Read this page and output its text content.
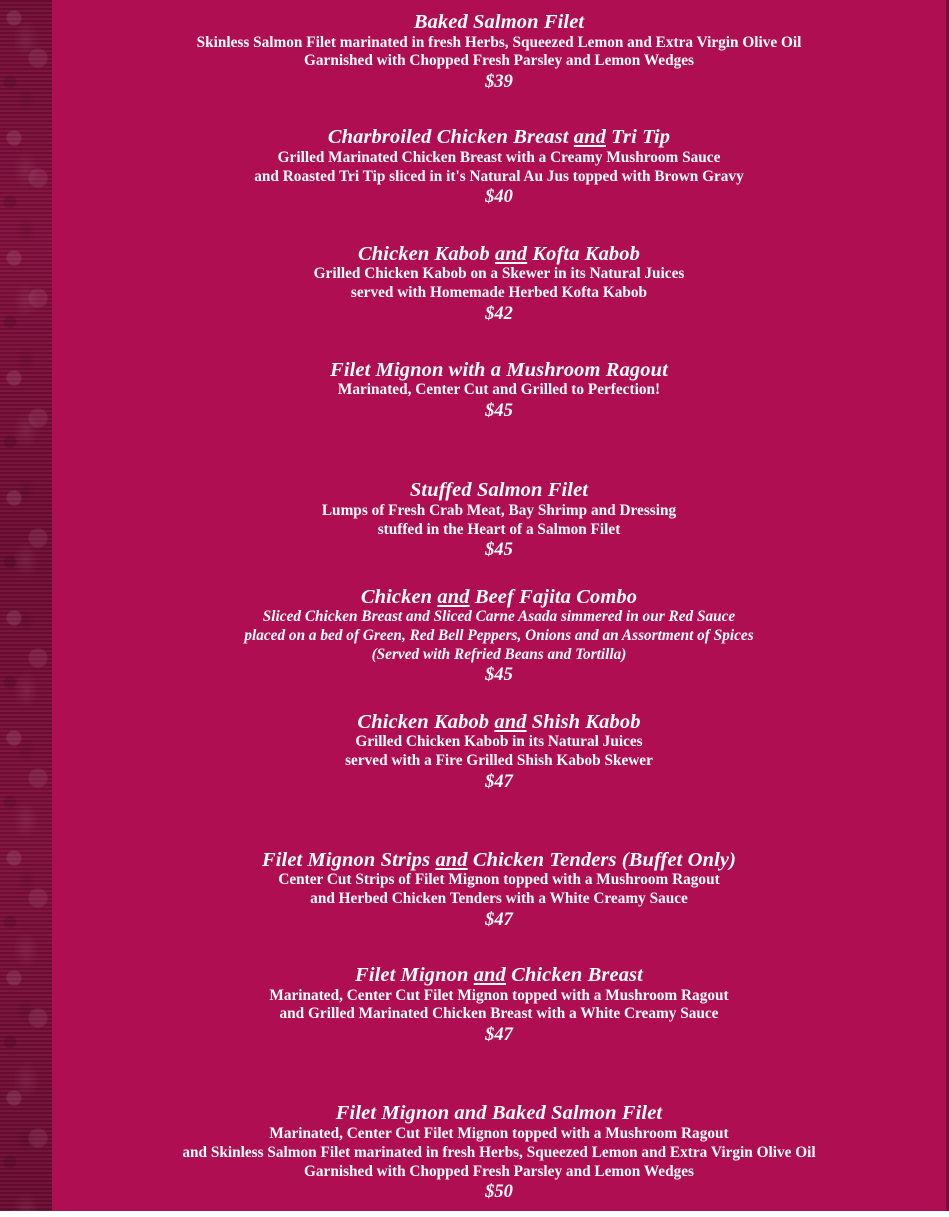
Baked Salmon Filet
Skinless Salmon Filet marinated in fresh Herbs, Squeezed Lemon and Extra Virgin Olive Oil
Garnished with Chopped Fresh Parsley and Lemon Wedges
$39
Charbroiled Chicken Breast and Tri Tip
Grilled Marinated Chicken Breast with a Creamy Mushroom Sauce
and Roasted Tri Tip sliced in it's Natural Au Jus topped with Brown Gravy
$40
Chicken Kabob and Kofta Kabob
Grilled Chicken Kabob on a Skewer in its Natural Juices
served with Homemade Herbed Kofta Kabob
$42
Filet Mignon with a Mushroom Ragout
Marinated, Center Cut and Grilled to Perfection!
$45
Stuffed Salmon Filet
Lumps of Fresh Crab Meat, Bay Shrimp and Dressing
stuffed in the Heart of a Salmon Filet
$45
Chicken and Beef Fajita Combo
Sliced Chicken Breast and Sliced Carne Asada simmered in our Red Sauce
placed on a bed of Green, Red Bell Peppers, Onions and an Assortment of Spices
(Served with Refried Beans and Tortilla)
$45
Chicken Kabob and Shish Kabob
Grilled Chicken Kabob in its Natural Juices
served with a Fire Grilled Shish Kabob Skewer
$47
Filet Mignon Strips and Chicken Tenders (Buffet Only)
Center Cut Strips of Filet Mignon topped with a Mushroom Ragout
and Herbed Chicken Tenders with a White Creamy Sauce
$47
Filet Mignon and Chicken Breast
Marinated, Center Cut Filet Mignon topped with a Mushroom Ragout
and Grilled Marinated Chicken Breast with a White Creamy Sauce
$47
Filet Mignon and Baked Salmon Filet
Marinated, Center Cut Filet Mignon topped with a Mushroom Ragout
and Skinless Salmon Filet marinated in fresh Herbs, Squeezed Lemon and Extra Virgin Olive Oil
Garnished with Chopped Fresh Parsley and Lemon Wedges
$50
